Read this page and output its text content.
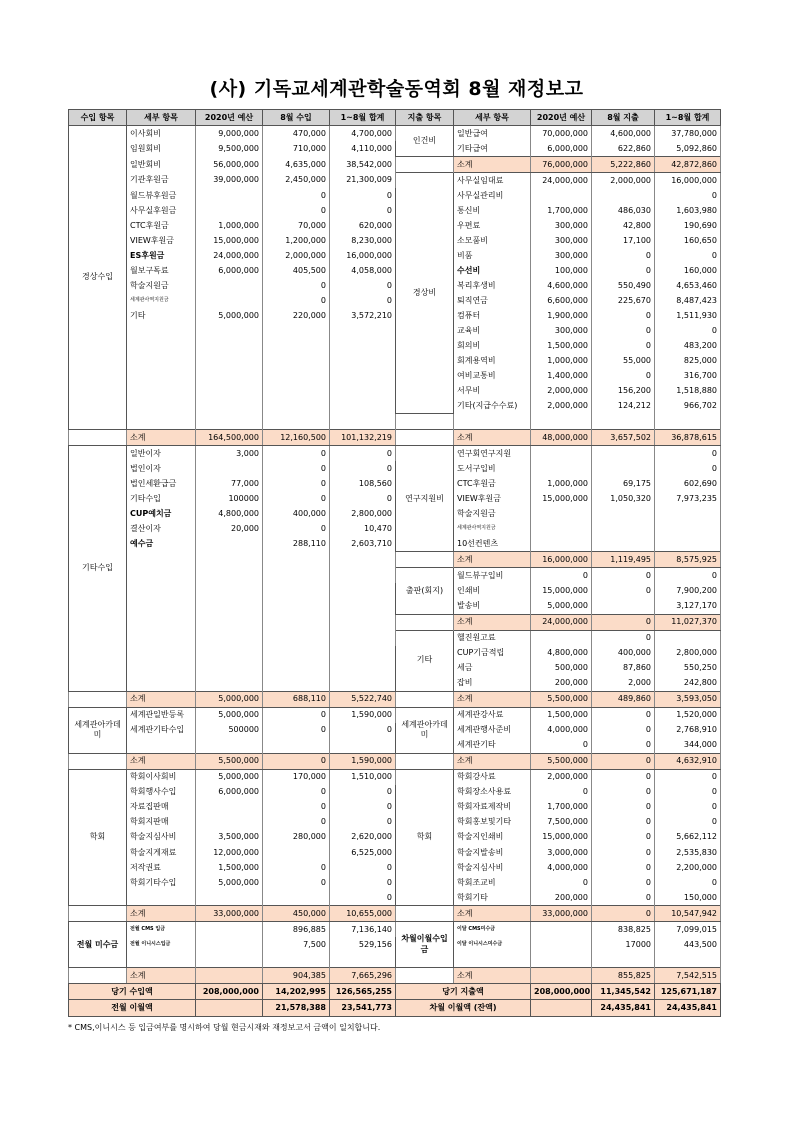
(사) 기독교세계관학술동역회 8월 재정보고
수입 항목	세부 항목	2020년 예산	8월 수입	1~8월 합계	지출 항목	세부 항목	2020년 예산	8월 지출	1~8월 합계
경상수입	이사회비	9,000,000	470,000	4,700,000	인건비	일반급여	70,000,000	4,600,000	37,780,000
	임원회비	9,500,000	710,000	4,110,000		기타급여	6,000,000	622,860	5,092,860
	일반회비	56,000,000	4,635,000	38,542,000		소계	76,000,000	5,222,860	42,872,860
	기관후원금	39,000,000	2,450,000	21,300,009	경상비	사무실임대료	24,000,000	2,000,000	16,000,000
	월드뷰후원금		0	0		사무실관리비			0
	사무실후원금		0	0		통신비	1,700,000	486,030	1,603,980
	CTC후원금	1,000,000	70,000	620,000		우편료	300,000	42,800	190,690
	VIEW후원금	15,000,000	1,200,000	8,230,000		소모품비	300,000	17,100	160,650
	ES후원금	24,000,000	2,000,000	16,000,000		비품	300,000	0	0
	월보구독료	6,000,000	405,500	4,058,000		수선비	100,000	0	160,000
	학술지원금		0	0		복리후생비	4,600,000	550,490	4,653,460
	세계관사역지원금		0	0		퇴직연금	6,600,000	225,670	8,487,423
	기타	5,000,000	220,000	3,572,210		컴퓨터	1,900,000	0	1,511,930
						교육비	300,000	0	0
						회의비	1,500,000	0	483,200
						회계용역비	1,000,000	55,000	825,000
						여비교통비	1,400,000	0	316,700
						서무비	2,000,000	156,200	1,518,880
						기타(지급수수료)	2,000,000	124,212	966,702

	소계	164,500,000	12,160,500	101,132,219		소계	48,000,000	3,657,502	36,878,615
기타수입	일반이자	3,000	0	0	연구지원비	연구회연구지원			0
	법인이자		0	0		도서구입비			0
	법인세환급금	77,000	0	108,560		CTC후원금	1,000,000	69,175	602,690
	기타수입	100000	0	0		VIEW후원금	15,000,000	1,050,320	7,973,235
	CUP예치금	4,800,000	400,000	2,800,000		학술지원금			
	결산이자	20,000	0	10,470		세계관사역지원금			
	예수금		288,110	2,603,710		10선컨텐츠			
						소계	16,000,000	1,119,495	8,575,925
					출판(회지)	월드뷰구입비	0	0	0
						인쇄비	15,000,000	0	7,900,200
						발송비	5,000,000		3,127,170
						소계	24,000,000	0	11,027,370
					기타	헬진원고료		0	
						CUP기금적립	4,800,000	400,000	2,800,000
						세금	500,000	87,860	550,250
						잡비	200,000	2,000	242,800
	소계	5,000,000	688,110	5,522,740		소계	5,500,000	489,860	3,593,050
세계관아카데미	세계관일반등록	5,000,000	0	1,590,000	세계관아카데미	세계관강사료	1,500,000	0	1,520,000
	세계관기타수입	500000	0	0		세계관행사준비	4,000,000	0	2,768,910
						세계관기타	0	0	344,000
	소계	5,500,000	0	1,590,000		소계	5,500,000	0	4,632,910
학회	학회이사회비	5,000,000	170,000	1,510,000	학회	학회강사료	2,000,000	0	0
	학회행사수입	6,000,000	0	0		학회장소사용료	0	0	0
	자료집판매		0	0		학회자료제작비	1,700,000	0	0
	학회지판매		0	0		학회홍보및기타	7,500,000	0	0
	학술지심사비	3,500,000	280,000	2,620,000		학술지인쇄비	15,000,000	0	5,662,112
	학술지게재료	12,000,000		6,525,000		학술지발송비	3,000,000	0	2,535,830
	저작권료	1,500,000	0	0		학술지심사비	4,000,000	0	2,200,000
	학회기타수입	5,000,000	0	0		학회조교비	0	0	0
				0		학회기타	200,000	0	150,000
	소계	33,000,000	450,000	10,655,000		소계	33,000,000	0	10,547,942
전월 미수금	전월 CMS 입금		896,885	7,136,140	차월이월수입금	이달 CMS미수금		838,825	7,099,015
	전월 이니시스입금		7,500	529,156		이달 이니시스미수금		17000	443,500

	소계		904,385	7,665,296		소계		855,825	7,542,515
당기 수입액		208,000,000	14,202,995	126,565,255	당기 지출액		208,000,000	11,345,542	125,671,187
전월 이월액			21,578,388	23,541,773	차월 이월액 (잔액)			24,435,841	24,435,841
* CMS,이니시스 등 입금여부를 명시하여 당월 현금시재와 재정보고서 금액이 일치합니다.
